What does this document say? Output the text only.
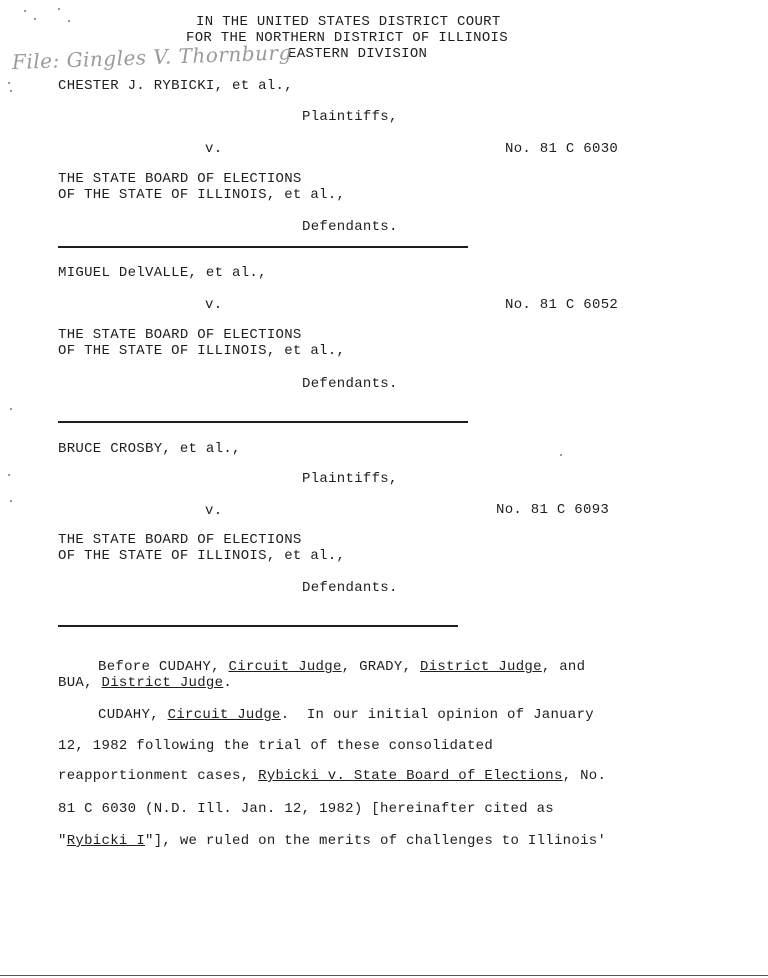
IN THE UNITED STATES DISTRICT COURT
FOR THE NORTHERN DISTRICT OF ILLINOIS
EASTERN DIVISION
File: Gingles V. Thornburg
CHESTER J. RYBICKI, et al.,
Plaintiffs,
v.	No. 81 C 6030
THE STATE BOARD OF ELECTIONS
OF THE STATE OF ILLINOIS, et al.,
Defendants.
MIGUEL DelVALLE, et al.,
v.	No. 81 C 6052
THE STATE BOARD OF ELECTIONS
OF THE STATE OF ILLINOIS, et al.,
Defendants.
BRUCE CROSBY, et al.,
Plaintiffs,
v.	No. 81 C 6093
THE STATE BOARD OF ELECTIONS
OF THE STATE OF ILLINOIS, et al.,
Defendants.
Before CUDAHY, Circuit Judge, GRADY, District Judge, and
BUA, District Judge.
CUDAHY, Circuit Judge.  In our initial opinion of January
12, 1982 following the trial of these consolidated
reapportionment cases, Rybicki v. State Board of Elections, No.
81 C 6030 (N.D. Ill. Jan. 12, 1982) [hereinafter cited as
"Rybicki I"], we ruled on the merits of challenges to Illinois'
